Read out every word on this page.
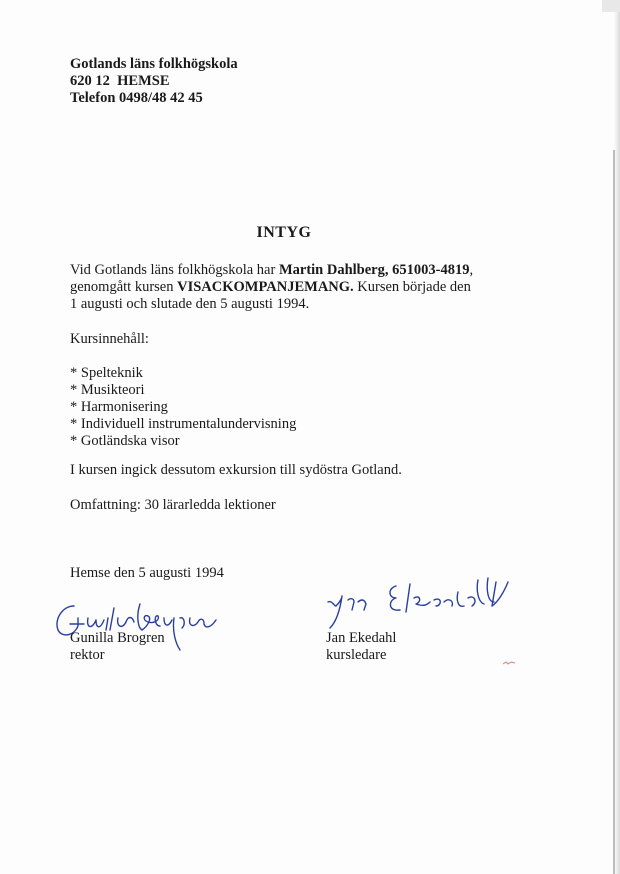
Gotlands läns folkhögskola
620 12  HEMSE
Telefon 0498/48 42 45
INTYG
Vid Gotlands läns folkhögskola har Martin Dahlberg, 651003-4819,
genomgått kursen VISACKOMPANJEMANG. Kursen började den
1 augusti och slutade den 5 augusti 1994.
Kursinnehåll:
* Spelteknik
* Musikteori
* Harmonisering
* Individuell instrumentalundervisning
* Gotländska visor
I kursen ingick dessutom exkursion till sydöstra Gotland.
Omfattning: 30 lärarledda lektioner
Hemse den 5 augusti 1994
Gunilla Brogren
rektor
Jan Ekedahl
kursledare
